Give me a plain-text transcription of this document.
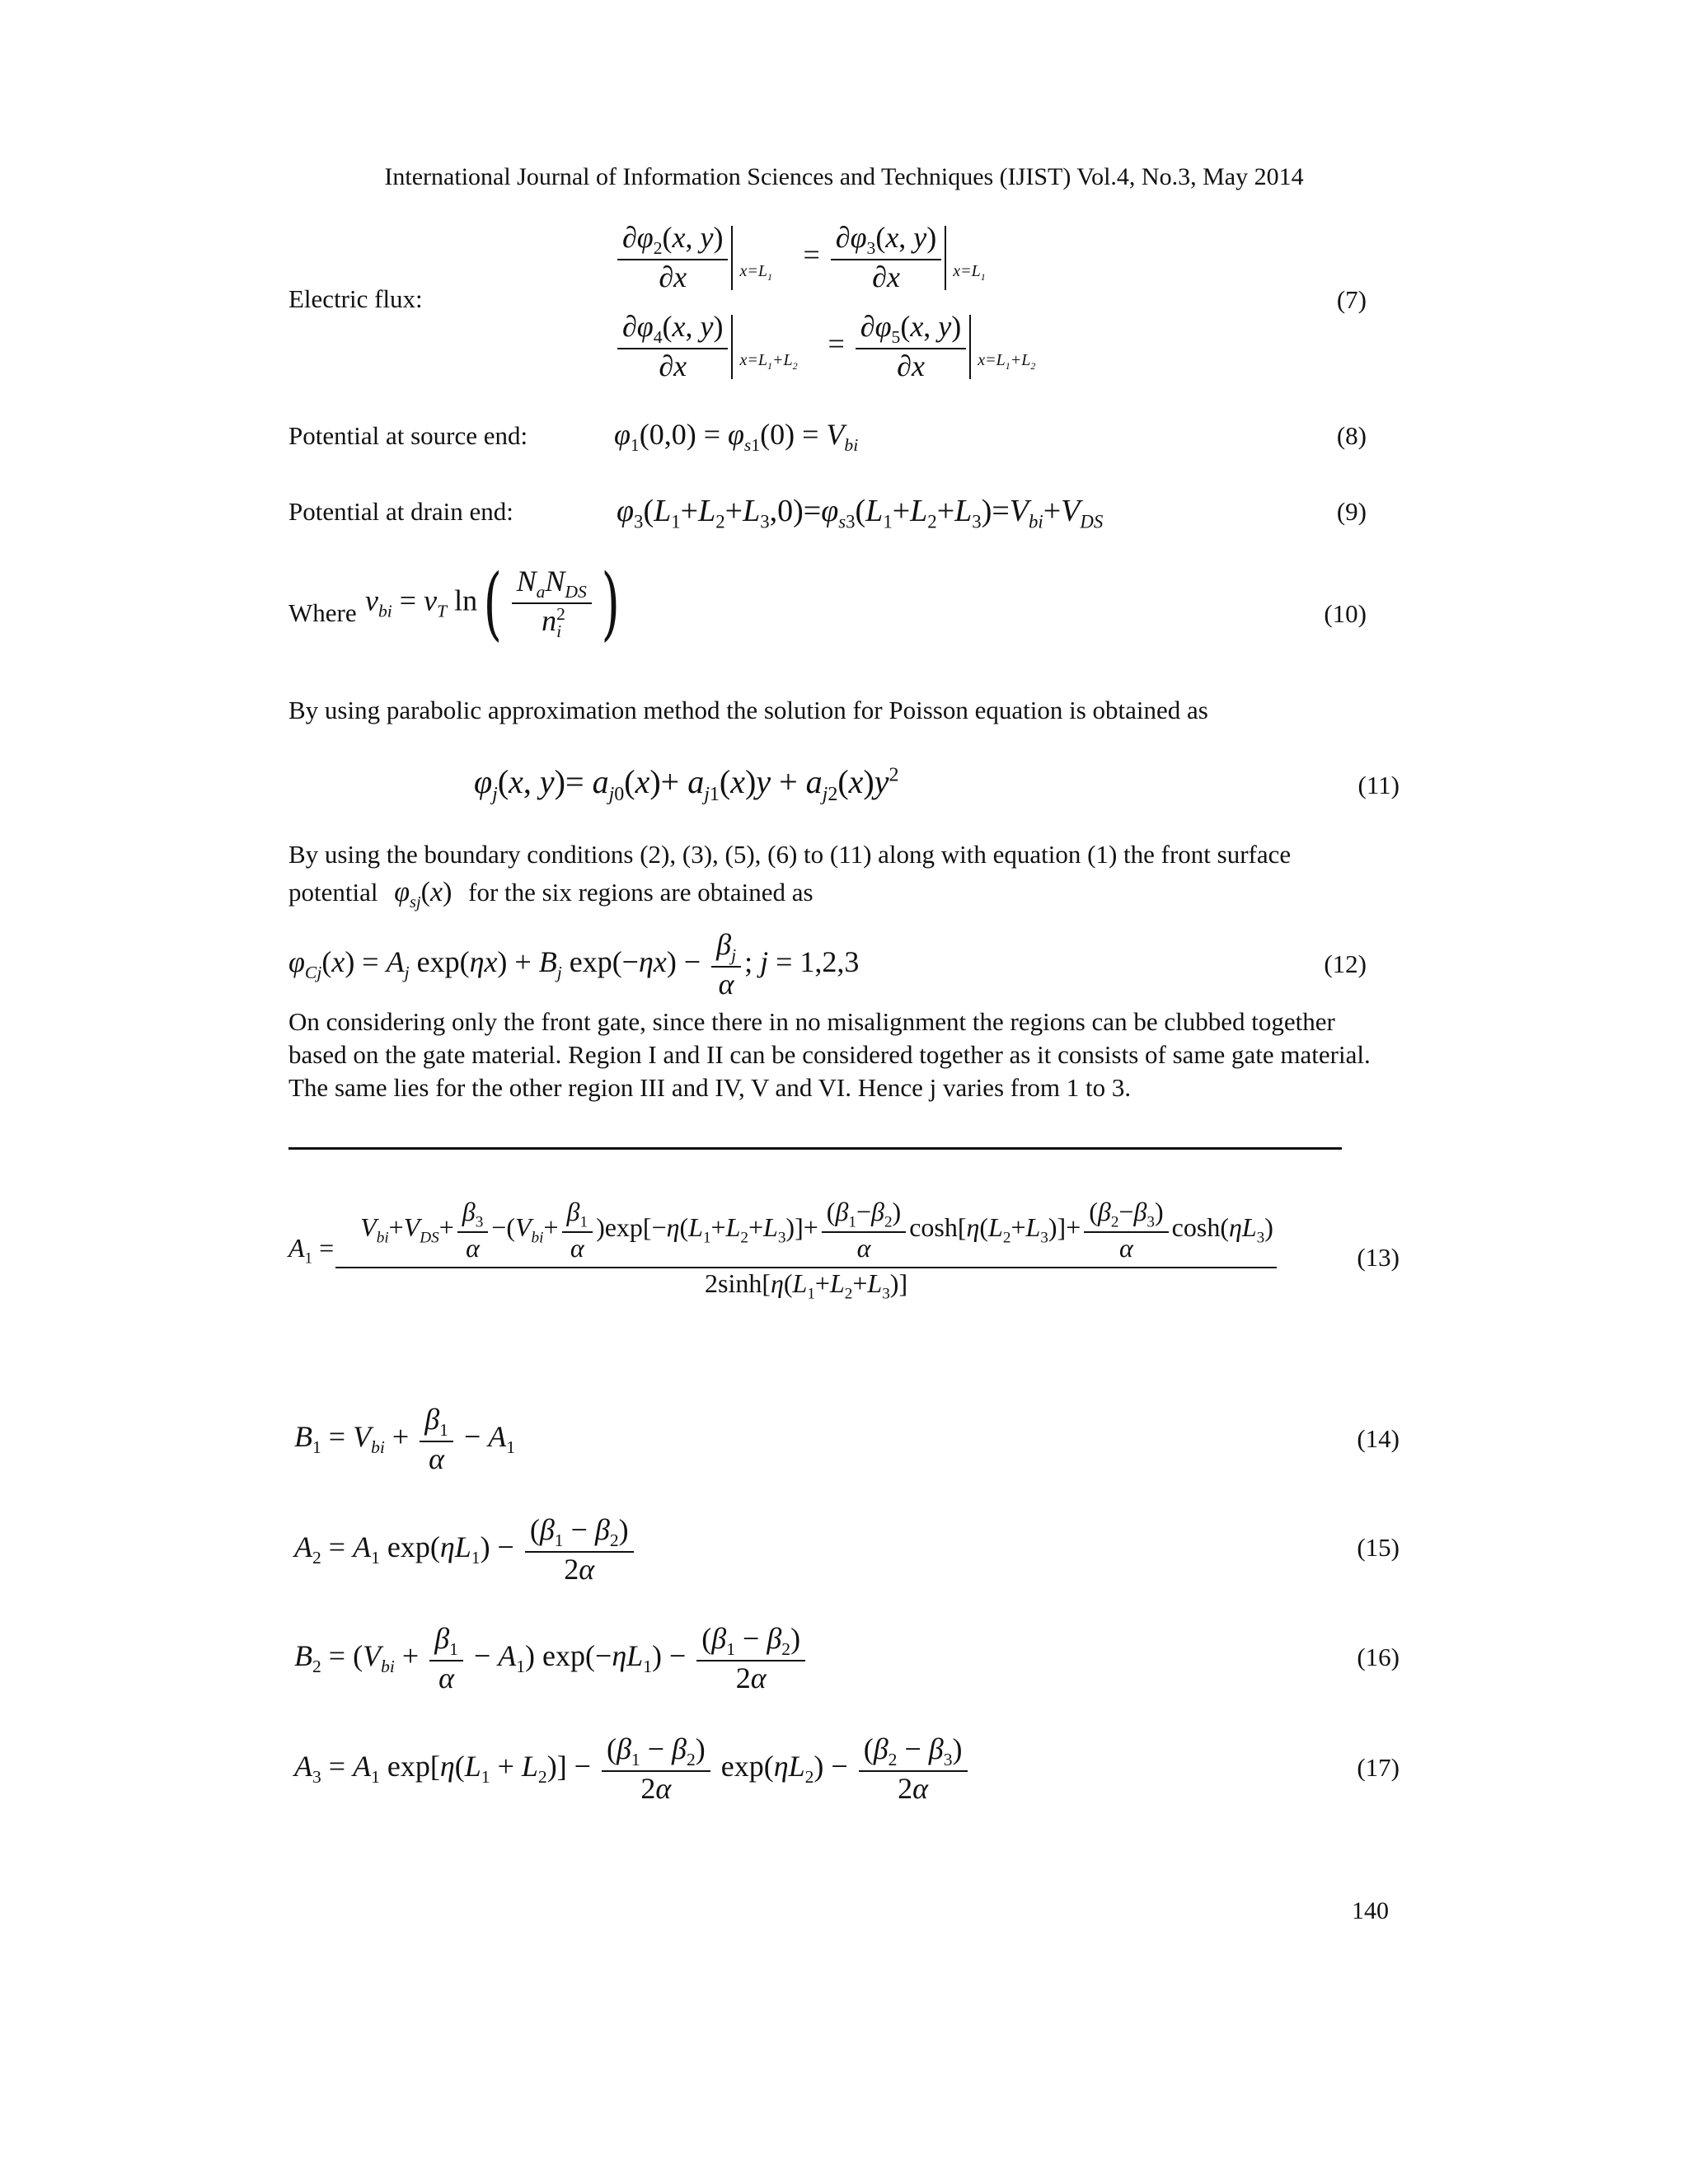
International Journal of Information Sciences and Techniques (IJIST) Vol.4, No.3, May 2014
Electric flux:
$\frac{\partial\varphi_2(x, y)}{\partial x} x=L_1$
= $\frac{\partial\varphi_3(x, y)}{\partial x} x=L_1$
$\frac{\partial\varphi_4(x, y)}{\partial x} x=L_1+L_2$
= $\frac{\partial\varphi_5(x, y)}{\partial x} x=L_1+L_2$
(7)
Potential at source end:	$\varphi_1(0,0) = \varphi_{s1}(0) = V_{bi}$	(8)
Potential at drain end:	$\varphi_3(L_1+L_2+L_3,0)=\varphi_{s3}(L_1+L_2+L_3)=V_{bi}+V_{DS}$	(9)
Where $v_{bi} = v_T$ $\ln( \frac{N_aN_{DS}}{n^2_i}$ )	(10)
By using parabolic approximation method the solution for Poisson equation is obtained as
$\varphi_j(x$, $y)= a_{j0}(x)+ a_{j1}(x)y + a_{j2}(x)y^2$	(11)
By using the boundary conditions (2), (3), (5), (6) to (11) along with equation (1) the front surface
potential $\varphi_{sj}(x)$ for the six regions are obtained as
$\varphi_{Cj}(x) = A_j$ $\exp(\eta x) + B_j$ $\exp(-\eta x) - \frac{\beta_j}{\alpha}$ ; j = 1,2,3	(12)
On considering only the front gate, since there in no misalignment the regions can be clubbed together based on the gate material. Region I and II can be considered together as it consists of same gate material. The same lies for the other region III and IV, V and VI. Hence j varies from 1 to 3.
$A_1$ =
$V_{bi}+V_{DS}+ \frac{\beta_3}{\alpha} -(V_{bi}+ \frac{\beta_1}{\alpha} )\exp[-\eta(L_1+L_2+L_3)]+ \frac{(\beta_1-\beta_2)}{\alpha} \cosh[\eta(L_2+L_3)]+ \frac{(\beta_2-\beta_3)}{\alpha} \cosh(\eta L_3)$
$2\sinh[\eta(L_1+L_2+L_3)]$
(13)
$B_1 = V_{bi} + \frac{\beta_1}{\alpha} - A_1$	(14)
$A_2 = A_1$ $\exp(\eta L_1) - \frac{(\beta_1 - \beta_2)}{2\alpha}$	(15)
$B_2 = (V_{bi} + \frac{\beta_1}{\alpha} - A_1) \exp(-\eta L_1) - \frac{(\beta_1 - \beta_2)}{2\alpha}$	(16)
$A_3 = A_1$ $\exp[\eta(L_1 + L_2)] - \frac{(\beta_1 - \beta_2)}{2\alpha} \exp(\eta L_2) - \frac{(\beta_2 - \beta_3)}{2\alpha}$	(17)
140
